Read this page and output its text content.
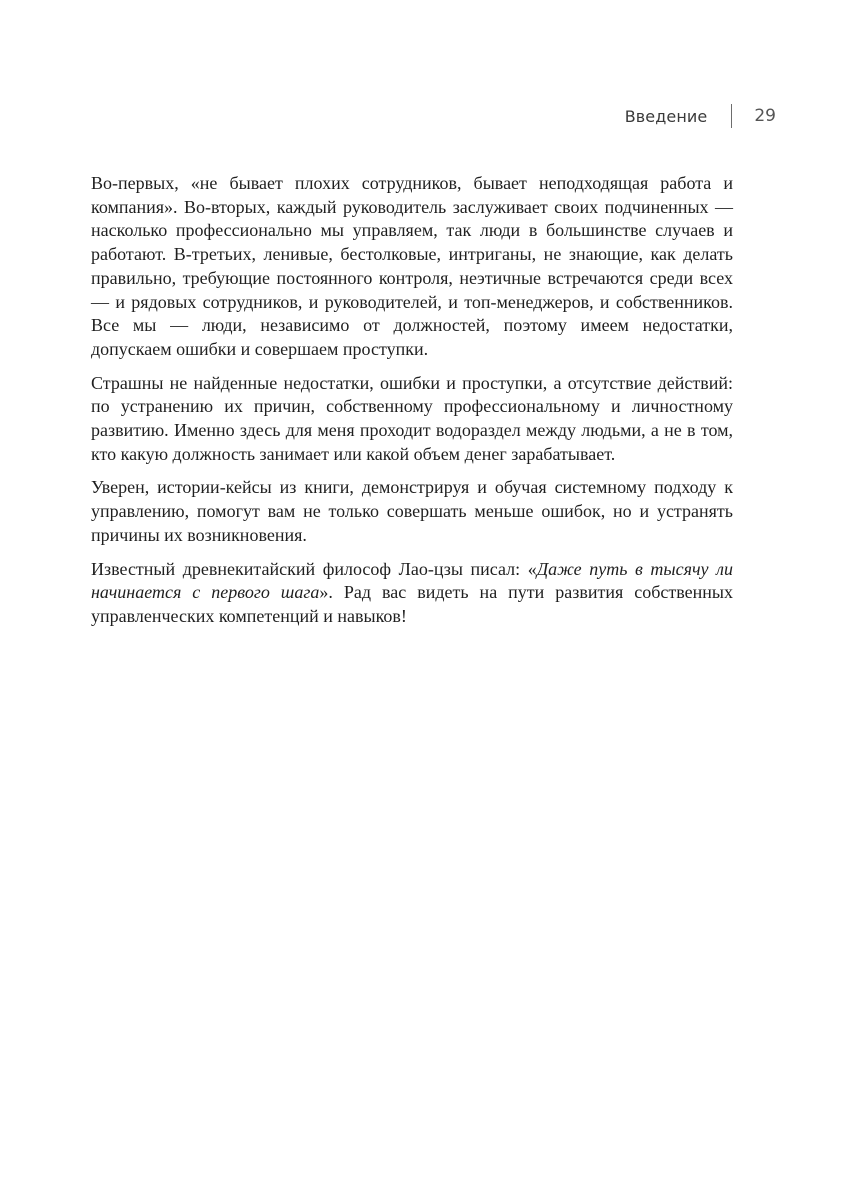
Введение	29

Во-первых, «не бывает плохих сотрудников, бывает неподходящая работа и компания». Во-вторых, каждый руководитель заслуживает своих подчиненных — насколько профессионально мы управляем, так люди в большинстве случаев и работают. В-третьих, ленивые, бестолковые, интриганы, не знающие, как делать правильно, требующие постоянного контроля, неэтичные встречаются среди всех — и рядовых сотрудников, и руководителей, и топ-менеджеров, и собственников. Все мы — люди, независимо от должностей, поэтому имеем недостатки, допускаем ошибки и совершаем проступки.

Страшны не найденные недостатки, ошибки и проступки, а отсутствие действий: по устранению их причин, собственному профессиональному и личностному развитию. Именно здесь для меня проходит водораздел между людьми, а не в том, кто какую должность занимает или какой объем денег зарабатывает.

Уверен, истории-кейсы из книги, демонстрируя и обучая системному подходу к управлению, помогут вам не только совершать меньше ошибок, но и устранять причины их возникновения.

Известный древнекитайский философ Лао-цзы писал: «Даже путь в тысячу ли начинается с первого шага». Рад вас видеть на пути развития собственных управленческих компетенций и навыков!
